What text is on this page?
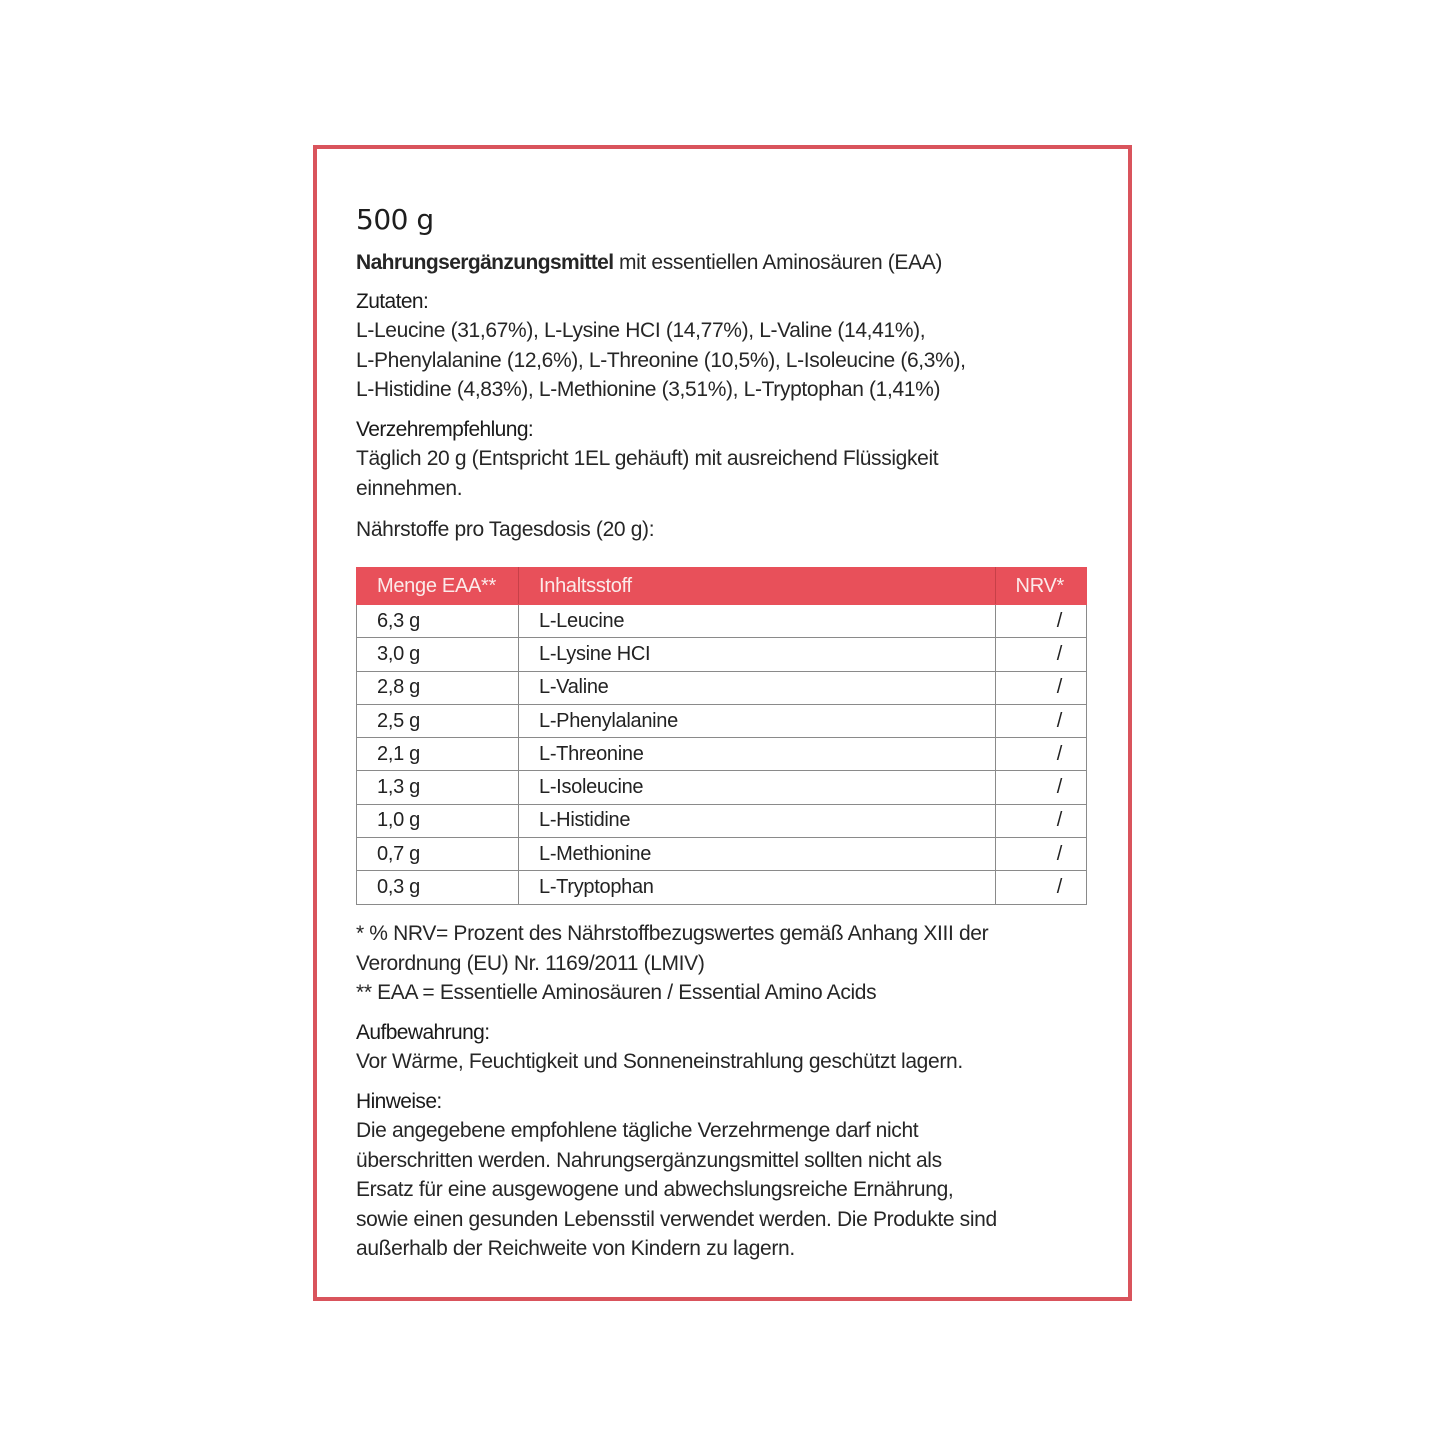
500 g
Nahrungsergänzungsmittel mit essentiellen Aminosäuren (EAA)
Zutaten:
L-Leucine (31,67%), L-Lysine HCI (14,77%), L-Valine (14,41%),
L-Phenylalanine (12,6%), L-Threonine (10,5%), L-Isoleucine (6,3%),
L-Histidine (4,83%), L-Methionine (3,51%), L-Tryptophan (1,41%)
Verzehrempfehlung:
Täglich 20 g (Entspricht 1EL gehäuft) mit ausreichend Flüssigkeit
einnehmen.
Nährstoffe pro Tagesdosis (20 g):
Menge EAA**	Inhaltsstoff	NRV*
6,3 g	L-Leucine	/
3,0 g	L-Lysine HCI	/
2,8 g	L-Valine	/
2,5 g	L-Phenylalanine	/
2,1 g	L-Threonine	/
1,3 g	L-Isoleucine	/
1,0 g	L-Histidine	/
0,7 g	L-Methionine	/
0,3 g	L-Tryptophan	/
* % NRV= Prozent des Nährstoffbezugswertes gemäß Anhang XIII der
Verordnung (EU) Nr. 1169/2011 (LMIV)
** EAA = Essentielle Aminosäuren / Essential Amino Acids
Aufbewahrung:
Vor Wärme, Feuchtigkeit und Sonneneinstrahlung geschützt lagern.
Hinweise:
Die angegebene empfohlene tägliche Verzehrmenge darf nicht
überschritten werden. Nahrungsergänzungsmittel sollten nicht als
Ersatz für eine ausgewogene und abwechslungsreiche Ernährung,
sowie einen gesunden Lebensstil verwendet werden. Die Produkte sind
außerhalb der Reichweite von Kindern zu lagern.
